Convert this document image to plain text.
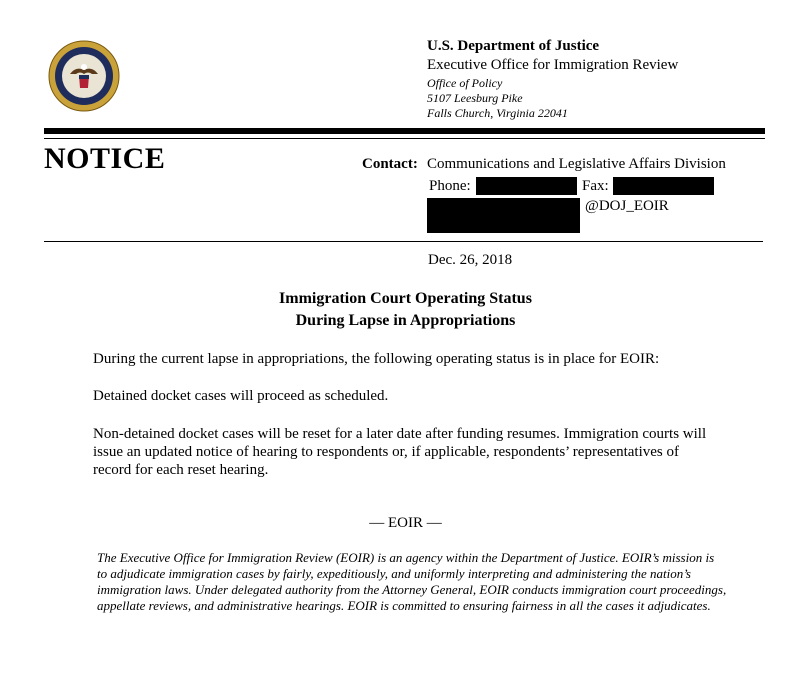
U.S. Department of Justice
Executive Office for Immigration Review
Office of Policy
5107 Leesburg Pike
Falls Church, Virginia 22041
NOTICE	Contact: Communications and Legislative Affairs Division
Phone:	Fax:
@DOJ_EOIR
Dec. 26, 2018
Immigration Court Operating Status
During Lapse in Appropriations
During the current lapse in appropriations, the following operating status is in place for EOIR:
Detained docket cases will proceed as scheduled.
Non-detained docket cases will be reset for a later date after funding resumes. Immigration courts will issue an updated notice of hearing to respondents or, if applicable, respondents’ representatives of record for each reset hearing.
— EOIR —
The Executive Office for Immigration Review (EOIR) is an agency within the Department of Justice. EOIR’s mission is to adjudicate immigration cases by fairly, expeditiously, and uniformly interpreting and administering the nation’s immigration laws. Under delegated authority from the Attorney General, EOIR conducts immigration court proceedings, appellate reviews, and administrative hearings. EOIR is committed to ensuring fairness in all the cases it adjudicates.
